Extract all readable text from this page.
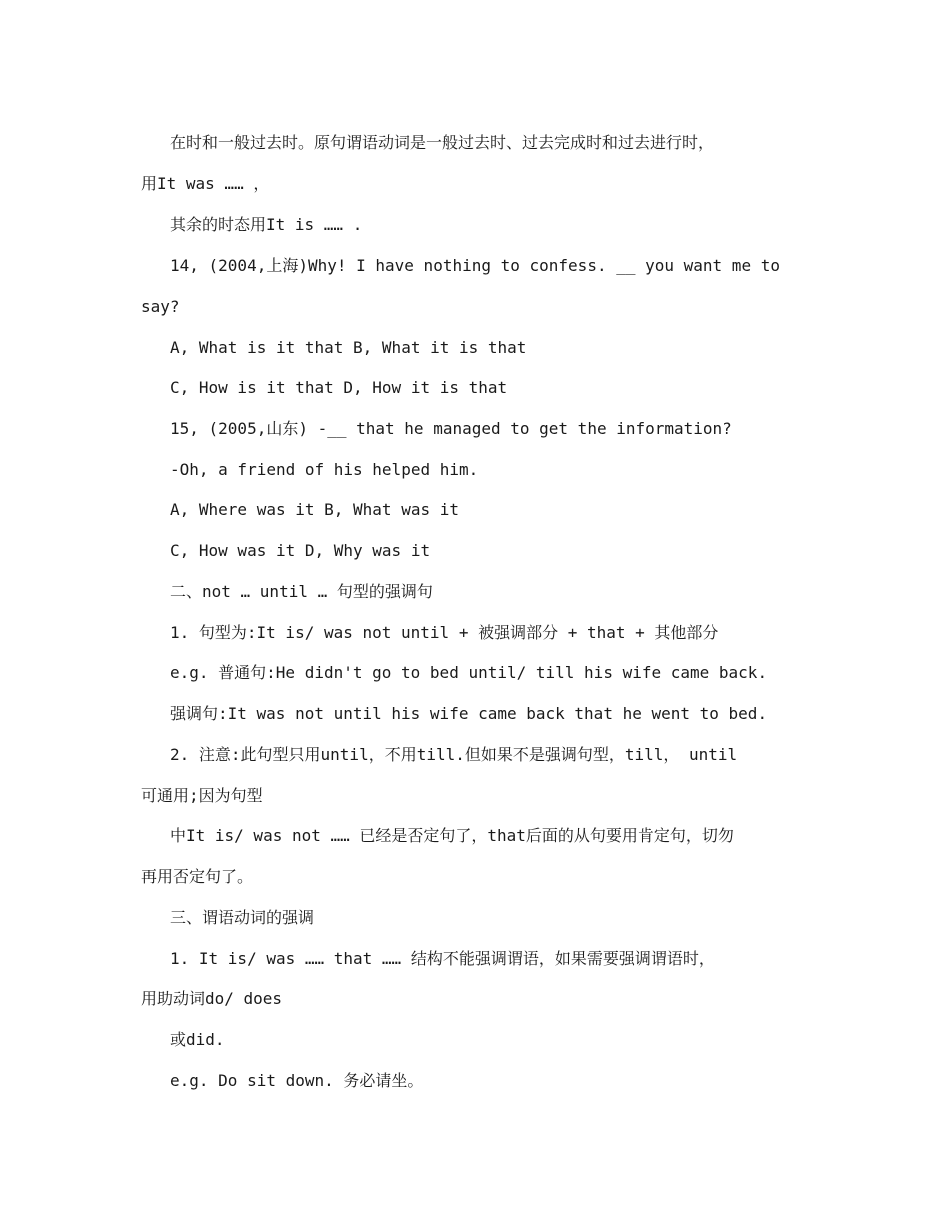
在时和一般过去时。原句谓语动词是一般过去时、过去完成时和过去进行时，
用It was …… ，
其余的时态用It is …… .
14, (2004,上海)Why! I have nothing to confess. __ you want me to
say?
A, What is it that B, What it is that
C, How is it that D, How it is that
15, (2005,山东) -__ that he managed to get the information?
-Oh, a friend of his helped him.
A, Where was it B, What was it
C, How was it D, Why was it
二、not … until … 句型的强调句
1. 句型为:It is/ was not until + 被强调部分 + that + 其他部分
e.g. 普通句:He didn't go to bed until/ till his wife came back.
强调句:It was not until his wife came back that he went to bed.
2. 注意:此句型只用until，不用till.但如果不是强调句型，till， until
可通用;因为句型
中It is/ was not …… 已经是否定句了，that后面的从句要用肯定句，切勿
再用否定句了。
三、谓语动词的强调
1. It is/ was …… that …… 结构不能强调谓语，如果需要强调谓语时，
用助动词do/ does
或did.
e.g. Do sit down. 务必请坐。
